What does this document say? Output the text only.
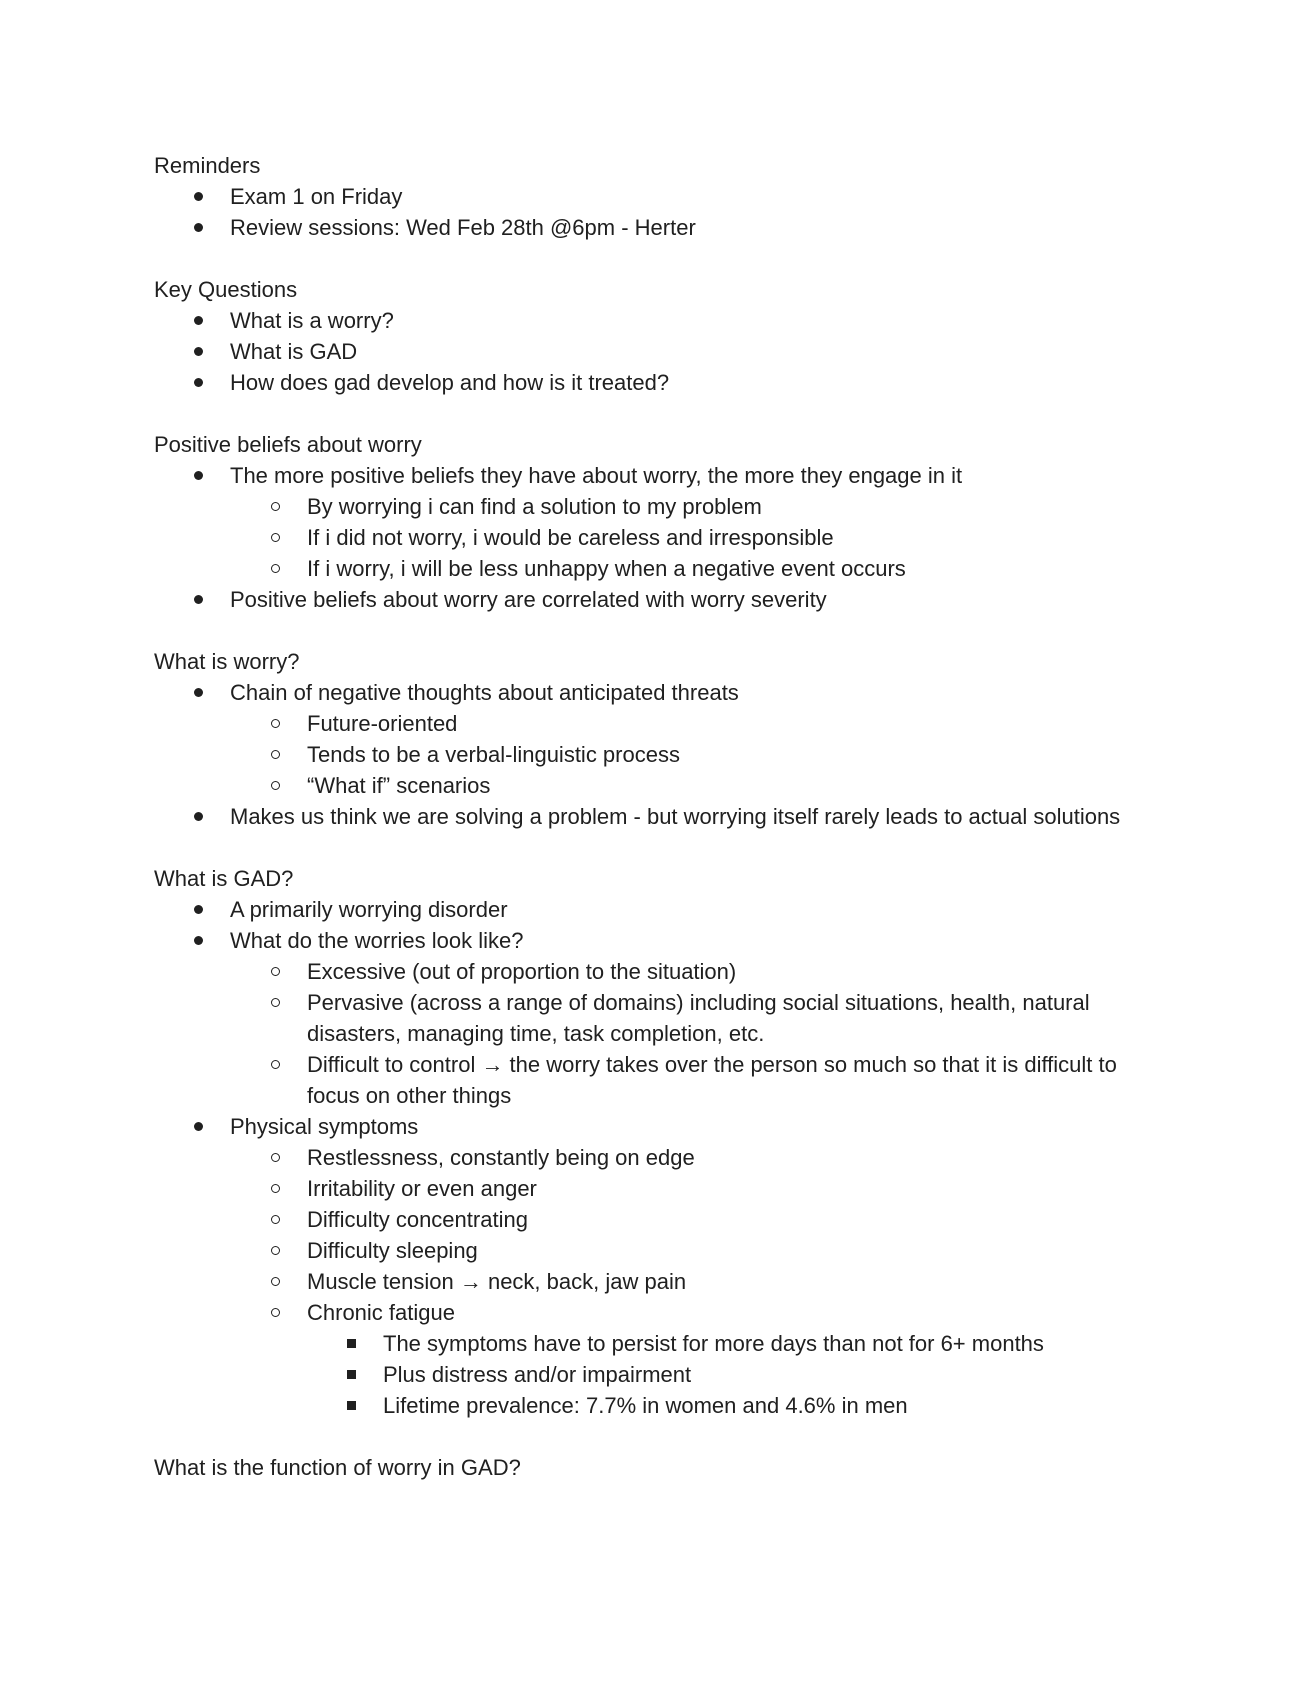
Reminders

Exam 1 on Friday
Review sessions: Wed Feb 28th @6pm - Herter

Key Questions

What is a worry?
What is GAD
How does gad develop and how is it treated?

Positive beliefs about worry

The more positive beliefs they have about worry, the more they engage in it
By worrying i can find a solution to my problem
If i did not worry, i would be careless and irresponsible
If i worry, i will be less unhappy when a negative event occurs
Positive beliefs about worry are correlated with worry severity

What is worry?

Chain of negative thoughts about anticipated threats
Future-oriented
Tends to be a verbal-linguistic process
“What if” scenarios
Makes us think we are solving a problem - but worrying itself rarely leads to actual solutions

What is GAD?

A primarily worrying disorder
What do the worries look like?
Excessive (out of proportion to the situation)
Pervasive (across a range of domains) including social situations, health, natural disasters, managing time, task completion, etc.
Difficult to control → the worry takes over the person so much so that it is difficult to focus on other things
Physical symptoms
Restlessness, constantly being on edge
Irritability or even anger
Difficulty concentrating
Difficulty sleeping
Muscle tension → neck, back, jaw pain
Chronic fatigue
The symptoms have to persist for more days than not for 6+ months
Plus distress and/or impairment
Lifetime prevalence: 7.7% in women and 4.6% in men

What is the function of worry in GAD?
